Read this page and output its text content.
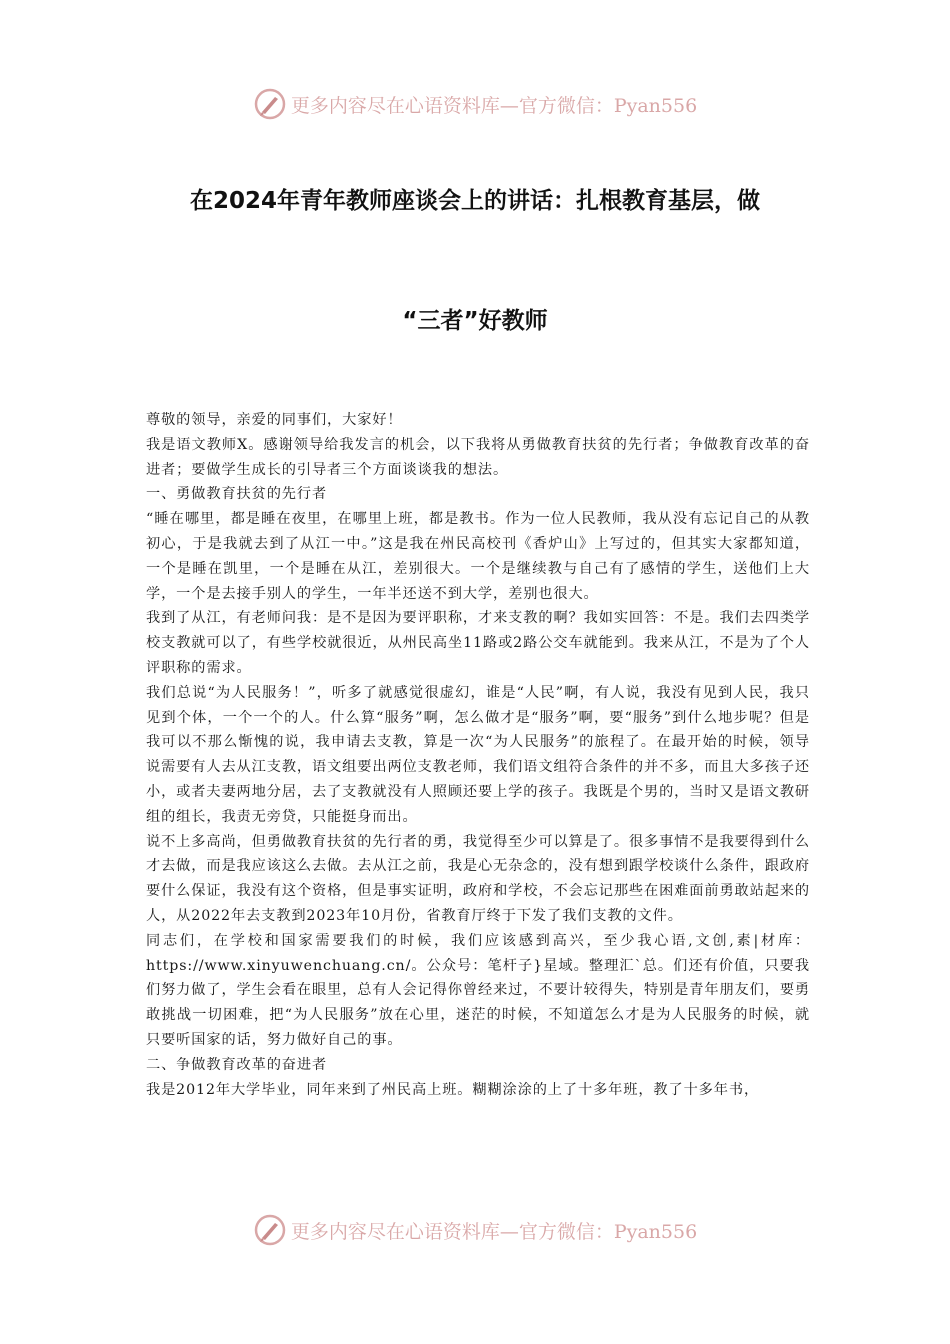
更多内容尽在心语资料库—官方微信：Pyan556
在2024年青年教师座谈会上的讲话：扎根教育基层，做
“三者”好教师

尊敬的领导，亲爱的同事们，大家好！

我是语文教师X。感谢领导给我发言的机会，以下我将从勇做教育扶贫的先行者；争做教育改革的奋进者；要做学生成长的引导者三个方面谈谈我的想法。

一、勇做教育扶贫的先行者

“睡在哪里，都是睡在夜里，在哪里上班，都是教书。作为一位人民教师，我从没有忘记自己的从教初心，于是我就去到了从江一中。”这是我在州民高校刊《香炉山》上写过的，但其实大家都知道，一个是睡在凯里，一个是睡在从江，差别很大。一个是继续教与自己有了感情的学生，送他们上大学，一个是去接手别人的学生，一年半还送不到大学，差别也很大。

我到了从江，有老师问我：是不是因为要评职称，才来支教的啊？我如实回答：不是。我们去四类学校支教就可以了，有些学校就很近，从州民高坐11路或2路公交车就能到。我来从江，不是为了个人评职称的需求。

我们总说“为人民服务！”，听多了就感觉很虚幻，谁是“人民”啊，有人说，我没有见到人民，我只见到个体，一个一个的人。什么算“服务”啊，怎么做才是“服务”啊，要“服务”到什么地步呢？但是我可以不那么惭愧的说，我申请去支教，算是一次“为人民服务”的旅程了。在最开始的时候，领导说需要有人去从江支教，语文组要出两位支教老师，我们语文组符合条件的并不多，而且大多孩子还小，或者夫妻两地分居，去了支教就没有人照顾还要上学的孩子。我既是个男的，当时又是语文教研组的组长，我责无旁贷，只能挺身而出。

说不上多高尚，但勇做教育扶贫的先行者的勇，我觉得至少可以算是了。很多事情不是我要得到什么才去做，而是我应该这么去做。去从江之前，我是心无杂念的，没有想到跟学校谈什么条件，跟政府要什么保证，我没有这个资格，但是事实证明，政府和学校，不会忘记那些在困难面前勇敢站起来的人，从2022年去支教到2023年10月份，省教育厅终于下发了我们支教的文件。

同志们，在学校和国家需要我们的时候，我们应该感到高兴，至少我心语,文创,素|材库：https://www.xinyuwenchuang.cn/。公众号：笔杆子}星域。整理汇`总。们还有价值，只要我们努力做了，学生会看在眼里，总有人会记得你曾经来过，不要计较得失，特别是青年朋友们，要勇敢挑战一切困难，把“为人民服务”放在心里，迷茫的时候，不知道怎么才是为人民服务的时候，就只要听国家的话，努力做好自己的事。

二、争做教育改革的奋进者

我是2012年大学毕业，同年来到了州民高上班。糊糊涂涂的上了十多年班，教了十多年书，

更多内容尽在心语资料库—官方微信：Pyan556
